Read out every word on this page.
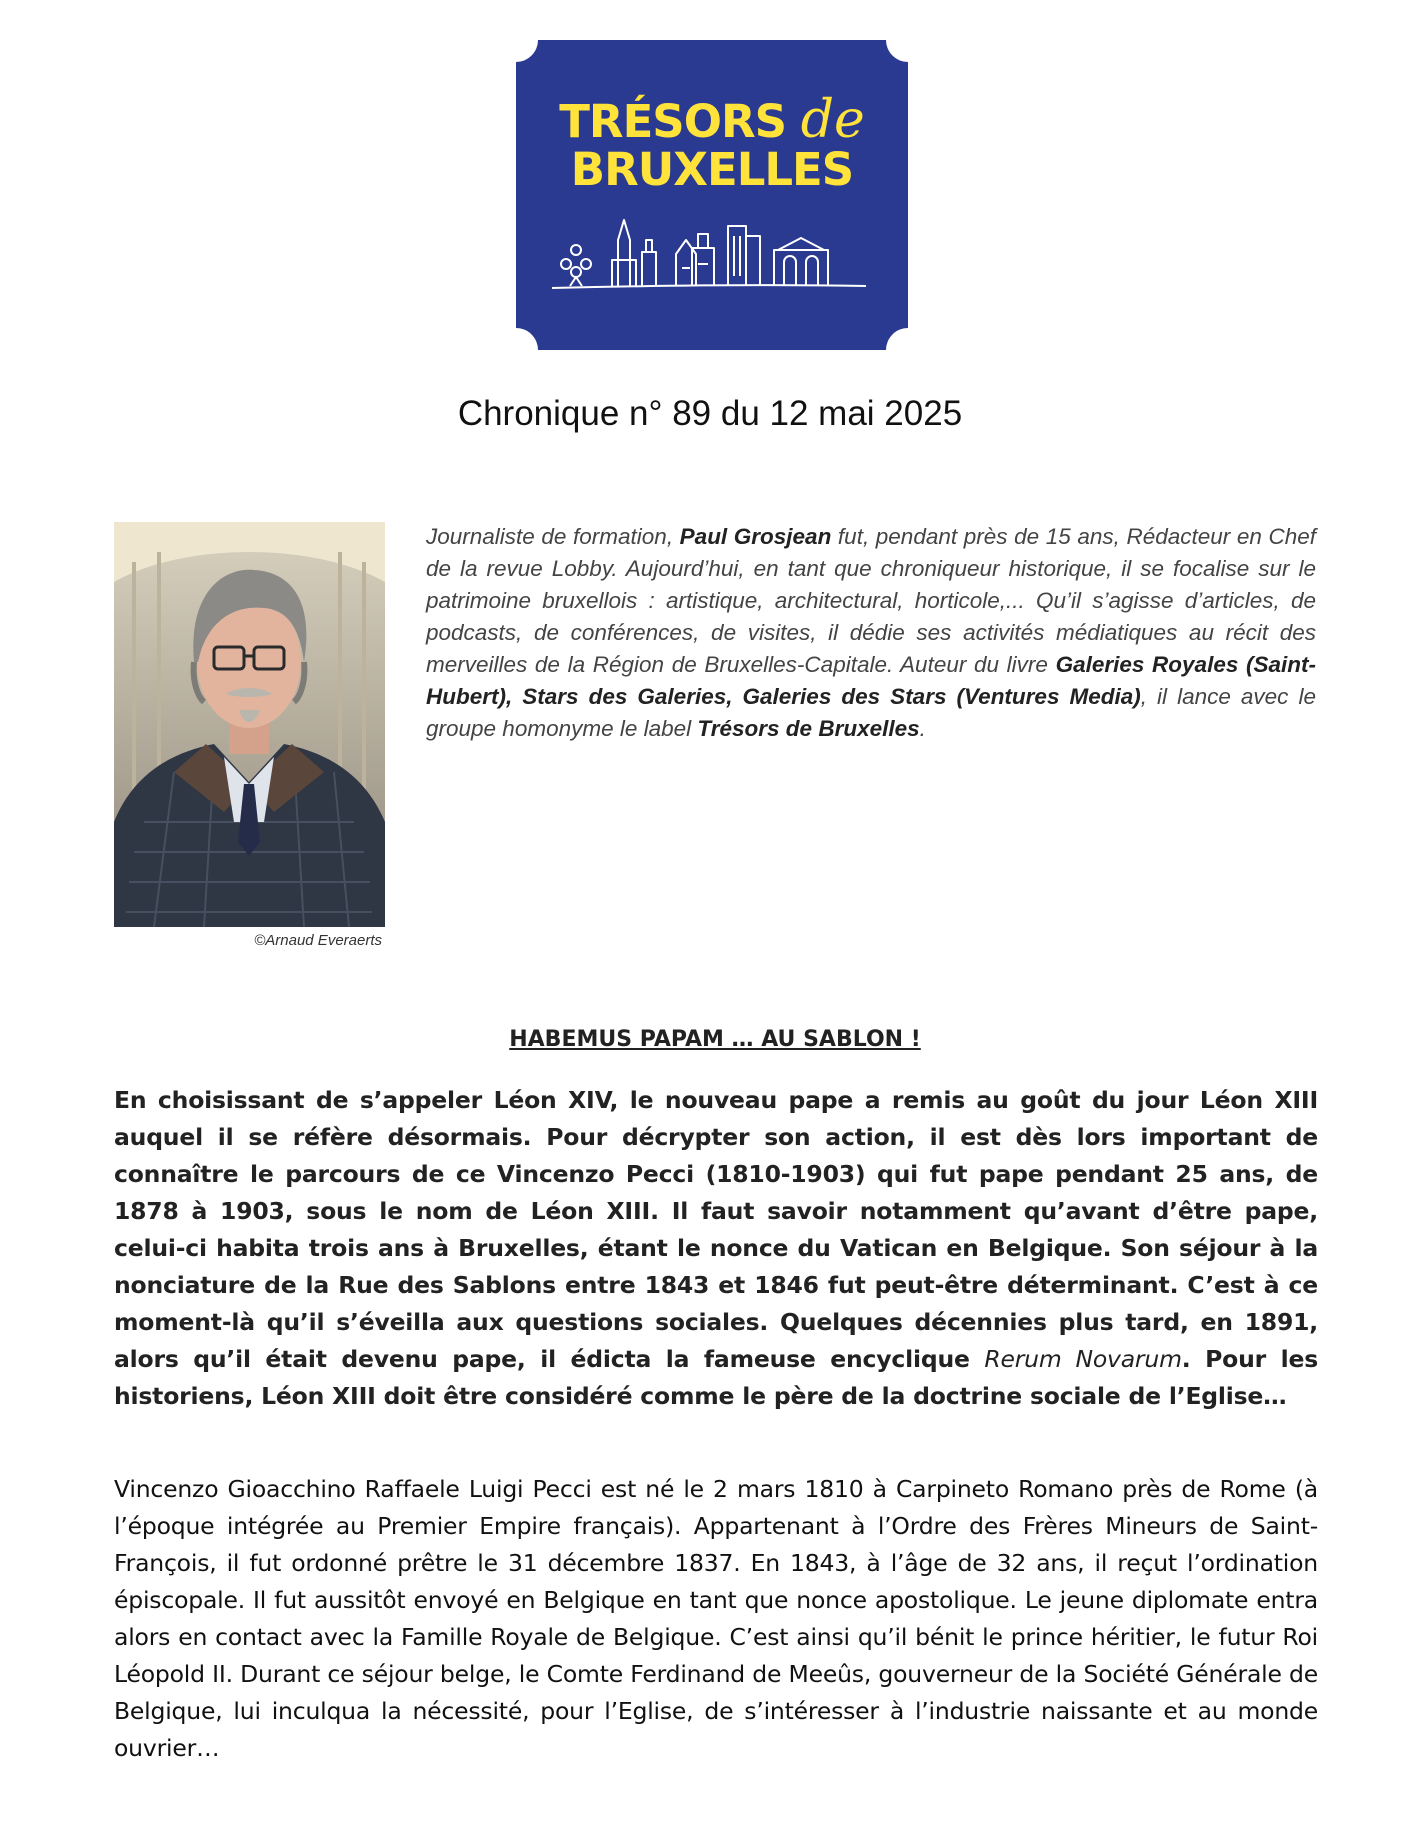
TRÉSORS de
BRUXELLES
Chronique n° 89 du 12 mai 2025
©Arnaud Everaerts
Journaliste de formation, Paul Grosjean fut, pendant près de 15 ans, Rédacteur en Chef de la revue Lobby. Aujourd’hui, en tant que chroniqueur historique, il se focalise sur le patrimoine bruxellois : artistique, architectural, horticole,... Qu’il s’agisse d’articles, de podcasts, de conférences, de visites, il dédie ses activités médiatiques au récit des merveilles de la Région de Bruxelles-Capitale. Auteur du livre Galeries Royales (Saint-Hubert), Stars des Galeries, Galeries des Stars (Ventures Media), il lance avec le groupe homonyme le label Trésors de Bruxelles.
HABEMUS PAPAM … AU SABLON !
En choisissant de s’appeler Léon XIV, le nouveau pape a remis au goût du jour Léon XIII auquel il se réfère désormais. Pour décrypter son action, il est dès lors important de connaître le parcours de ce Vincenzo Pecci (1810-1903) qui fut pape pendant 25 ans, de 1878 à 1903, sous le nom de Léon XIII. Il faut savoir notamment qu’avant d’être pape, celui-ci habita trois ans à Bruxelles, étant le nonce du Vatican en Belgique. Son séjour à la nonciature de la Rue des Sablons entre 1843 et 1846 fut peut-être déterminant. C’est à ce moment-là qu’il s’éveilla aux questions sociales. Quelques décennies plus tard, en 1891, alors qu’il était devenu pape, il édicta la fameuse encyclique Rerum Novarum. Pour les historiens, Léon XIII doit être considéré comme le père de la doctrine sociale de l’Eglise…
Vincenzo Gioacchino Raffaele Luigi Pecci est né le 2 mars 1810 à Carpineto Romano près de Rome (à l’époque intégrée au Premier Empire français). Appartenant à l’Ordre des Frères Mineurs de Saint-François, il fut ordonné prêtre le 31 décembre 1837. En 1843, à l’âge de 32 ans, il reçut l’ordination épiscopale. Il fut aussitôt envoyé en Belgique en tant que nonce apostolique. Le jeune diplomate entra alors en contact avec la Famille Royale de Belgique. C’est ainsi qu’il bénit le prince héritier, le futur Roi Léopold II. Durant ce séjour belge, le Comte Ferdinand de Meeûs, gouverneur de la Société Générale de Belgique, lui inculqua la nécessité, pour l’Eglise, de s’intéresser à l’industrie naissante et au monde ouvrier…
